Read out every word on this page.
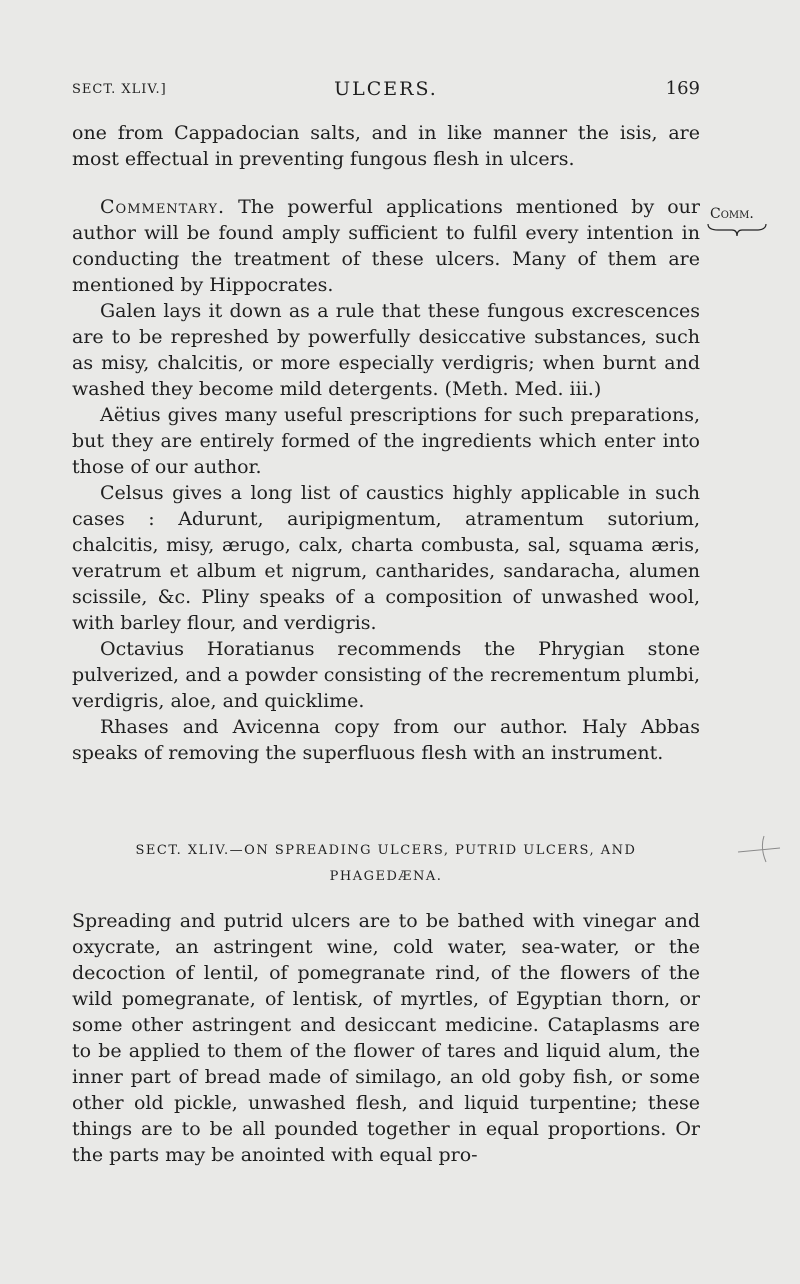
SECT. XLIV.]	ULCERS.	169
Comm.

one from Cappadocian salts, and in like manner the isis, are most effectual in preventing fungous flesh in ulcers.

Commentary. The powerful applications mentioned by our author will be found amply sufficient to fulfil every intention in conducting the treatment of these ulcers. Many of them are mentioned by Hippocrates.

Galen lays it down as a rule that these fungous excrescences are to be represhed by powerfully desiccative substances, such as misy, chalcitis, or more especially verdigris; when burnt and washed they become mild detergents. (Meth. Med. iii.)

Aëtius gives many useful prescriptions for such preparations, but they are entirely formed of the ingredients which enter into those of our author.

Celsus gives a long list of caustics highly applicable in such cases : Adurunt, auripigmentum, atramentum sutorium, chalcitis, misy, ærugo, calx, charta combusta, sal, squama æris, veratrum et album et nigrum, cantharides, sandaracha, alumen scissile, &c. Pliny speaks of a composition of unwashed wool, with barley flour, and verdigris.

Octavius Horatianus recommends the Phrygian stone pulverized, and a powder consisting of the recrementum plumbi, verdigris, aloe, and quicklime.

Rhases and Avicenna copy from our author. Haly Abbas speaks of removing the superfluous flesh with an instrument.

SECT. XLIV.—ON SPREADING ULCERS, PUTRID ULCERS, AND
PHAGEDÆNA.

Spreading and putrid ulcers are to be bathed with vinegar and oxycrate, an astringent wine, cold water, sea-water, or the decoction of lentil, of pomegranate rind, of the flowers of the wild pomegranate, of lentisk, of myrtles, of Egyptian thorn, or some other astringent and desiccant medicine. Cataplasms are to be applied to them of the flower of tares and liquid alum, the inner part of bread made of similago, an old goby fish, or some other old pickle, unwashed flesh, and liquid turpentine; these things are to be all pounded together in equal proportions. Or the parts may be anointed with equal pro-
